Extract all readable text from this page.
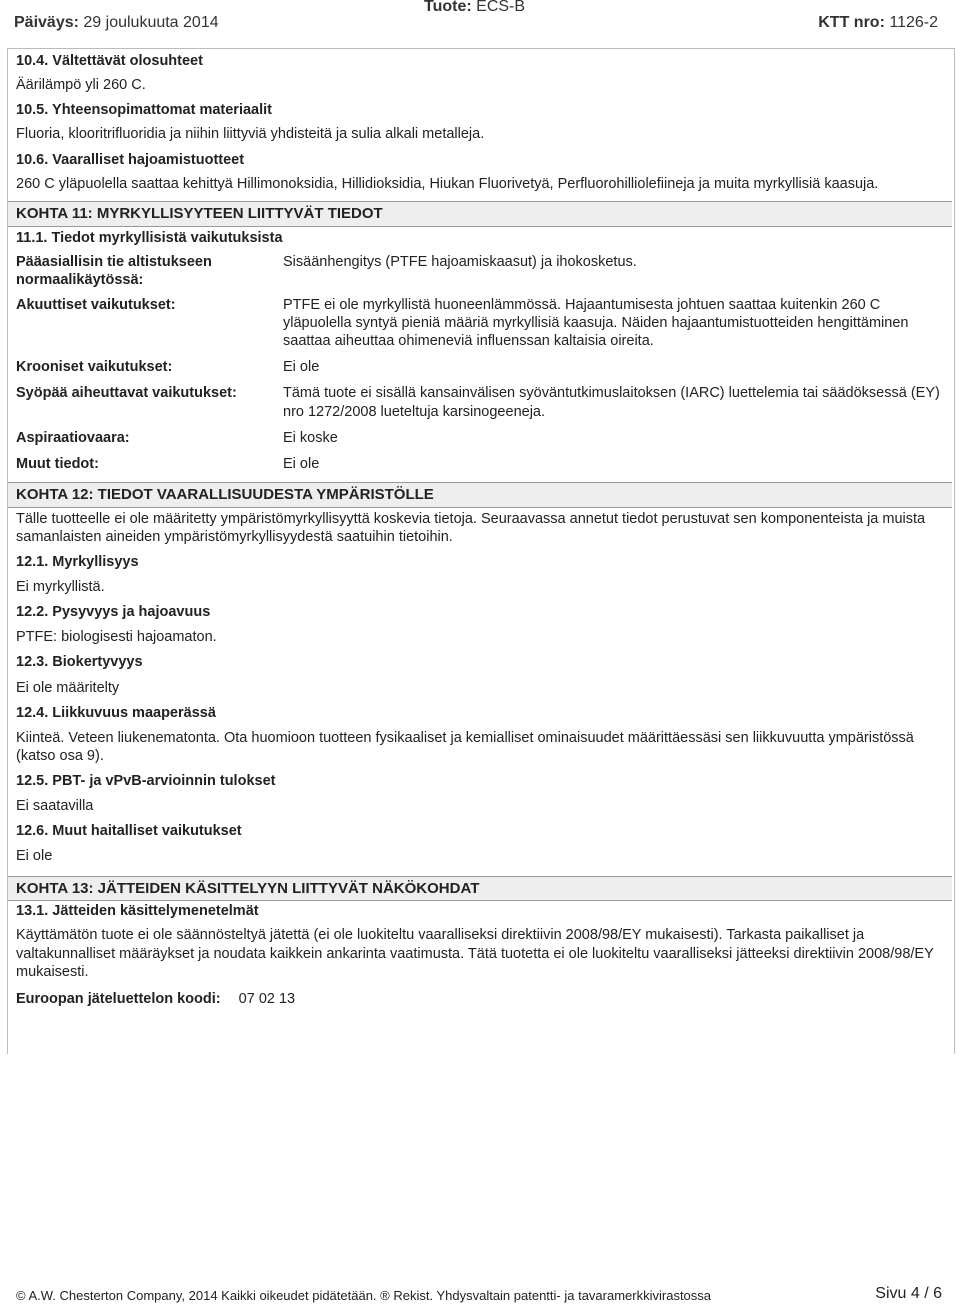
Päiväys: 29 joulukuuta 2014
Tuote: ECS-B
KTT nro: 1126-2

10.4. Vältettävät olosuhteet

Äärilämpö yli 260 C.

10.5. Yhteensopimattomat materiaalit

Fluoria, klooritrifluoridia ja niihin liittyviä yhdisteitä ja sulia alkali metalleja.

10.6. Vaaralliset hajoamistuotteet

260 C yläpuolella saattaa kehittyä Hillimonoksidia, Hillidioksidia, Hiukan Fluorivetyä, Perfluorohilliolefiineja ja muita myrkyllisiä kaasuja.

KOHTA 11: MYRKYLLISYYTEEN LIITTYVÄT TIEDOT

11.1. Tiedot myrkyllisistä vaikutuksista

Pääasiallisin tie altistukseen normaalikäytössä:
Sisäänhengitys (PTFE hajoamiskaasut) ja ihokosketus.
Akuuttiset vaikutukset:	PTFE ei ole myrkyllistä huoneenlämmössä. Hajaantumisesta johtuen saattaa kuitenkin 260 C yläpuolella syntyä pieniä määriä myrkyllisiä kaasuja. Näiden hajaantumistuotteiden hengittäminen saattaa aiheuttaa ohimeneviä influenssan kaltaisia oireita.
Krooniset vaikutukset:	Ei ole
Syöpää aiheuttavat vaikutukset:	Tämä tuote ei sisällä kansainvälisen syöväntutkimuslaitoksen (IARC) luettelemia tai säädöksessä (EY) nro 1272/2008 lueteltuja karsinogeeneja.
Aspiraatiovaara:	Ei koske
Muut tiedot:	Ei ole
KOHTA 12: TIEDOT VAARALLISUUDESTA YMPÄRISTÖLLE

Tälle tuotteelle ei ole määritetty ympäristömyrkyllisyyttä koskevia tietoja. Seuraavassa annetut tiedot perustuvat sen komponenteista ja muista samanlaisten aineiden ympäristömyrkyllisyydestä saatuihin tietoihin.

12.1. Myrkyllisyys

Ei myrkyllistä.

12.2. Pysyvyys ja hajoavuus

PTFE: biologisesti hajoamaton.

12.3. Biokertyvyys

Ei ole määritelty

12.4. Liikkuvuus maaperässä

Kiinteä. Veteen liukenematonta. Ota huomioon tuotteen fysikaaliset ja kemialliset ominaisuudet määrittäessäsi sen liikkuvuutta ympäristössä (katso osa 9).

12.5. PBT- ja vPvB-arvioinnin tulokset

Ei saatavilla

12.6. Muut haitalliset vaikutukset

Ei ole

KOHTA 13: JÄTTEIDEN KÄSITTELYYN LIITTYVÄT NÄKÖKOHDAT

13.1. Jätteiden käsittelymenetelmät

Käyttämätön tuote ei ole säännösteltyä jätettä (ei ole luokiteltu vaaralliseksi direktiivin 2008/98/EY mukaisesti). Tarkasta paikalliset ja valtakunnalliset määräykset ja noudata kaikkein ankarinta vaatimusta. Tätä tuotetta ei ole luokiteltu vaaralliseksi jätteeksi direktiivin 2008/98/EY mukaisesti.

Euroopan jäteluettelon koodi: 07 02 13

© A.W. Chesterton Company, 2014 Kaikki oikeudet pidätetään. ® Rekist. Yhdysvaltain patentti- ja tavaramerkkivirastossa	Sivu 4 / 6
